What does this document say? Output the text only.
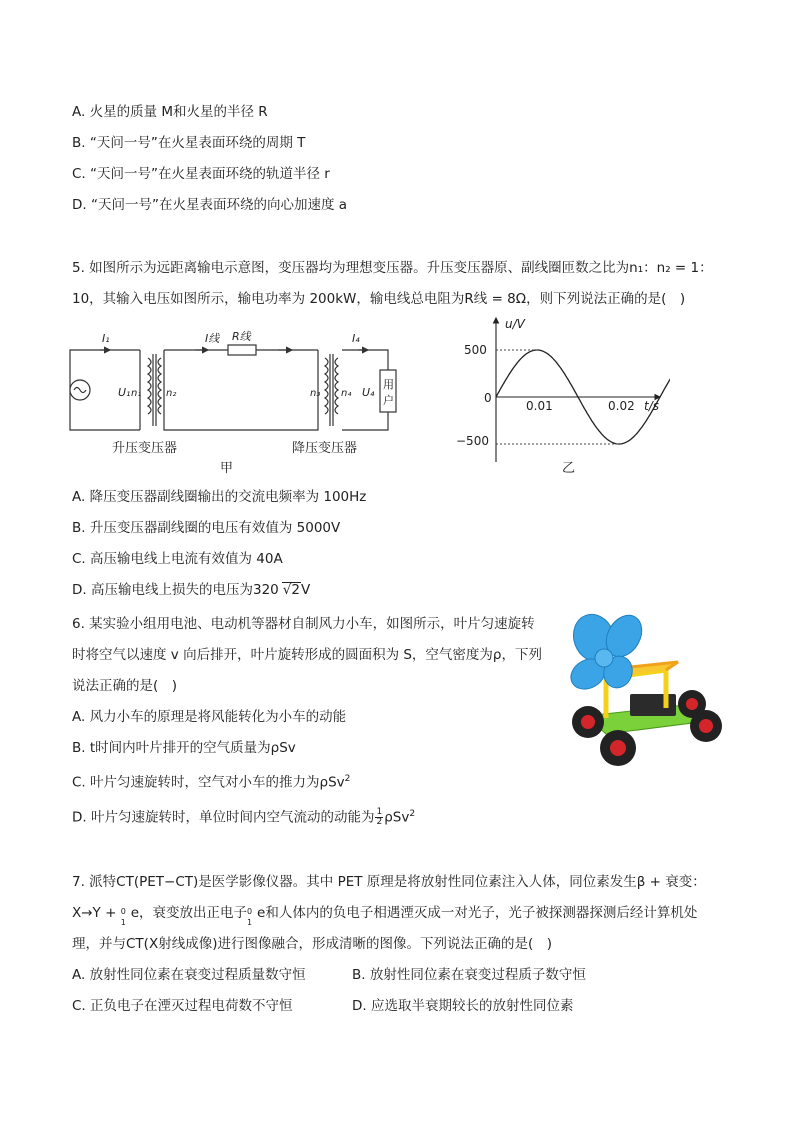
A. 火星的质量 M和火星的半径 R
B. “天问一号”在火星表面环绕的周期 T
C. “天问一号”在火星表面环绕的轨道半径 r
D. “天问一号”在火星表面环绕的向心加速度 a
5. 如图所示为远距离输电示意图，变压器均为理想变压器。升压变压器原、副线圈匝数之比为n₁：n₂ = 1：
10，其输入电压如图所示，输电功率为 200kW，输电线总电阻为R线 = 8Ω，则下列说法正确的是(　)
I₁	I线 R线	I₄
U₁ n₁ n₂	n₃ n₄ U₄
用
户
升压变压器	降压变压器
甲
u/V
t/s
500
0
−500
0.01	0.02
乙
A. 降压变压器副线圈输出的交流电频率为 100Hz
B. 升压变压器副线圈的电压有效值为 5000V
C. 高压输电线上电流有效值为 40A
D. 高压输电线上损失的电压为320 √2V
6. 某实验小组用电池、电动机等器材自制风力小车，如图所示，叶片匀速旋转
时将空气以速度 v 向后排开，叶片旋转形成的圆面积为 S，空气密度为ρ，下列
说法正确的是(　)
A. 风力小车的原理是将风能转化为小车的动能
B. t时间内叶片排开的空气质量为ρSv
C. 叶片匀速旋转时，空气对小车的推力为ρSv$^2$
D. 叶片匀速旋转时，单位时间内空气流动的动能为 $\frac{1}{2} \rho Sv^2$
7. 派特CT(PET−CT)是医学影像仪器。其中 PET 原理是将放射性同位素注入人体，同位素发生β + 衰变：
X→Y + 0
1
e，衰变放出正电子 0
1
e和人体内的负电子相遇湮灭成一对光子，光子被探测器探测后经计算机处
理，并与CT(X射线成像)进行图像融合，形成清晰的图像。下列说法正确的是(　)
A. 放射性同位素在衰变过程质量数守恒	B. 放射性同位素在衰变过程质子数守恒
C. 正负电子在湮灭过程电荷数不守恒	D. 应选取半衰期较长的放射性同位素
